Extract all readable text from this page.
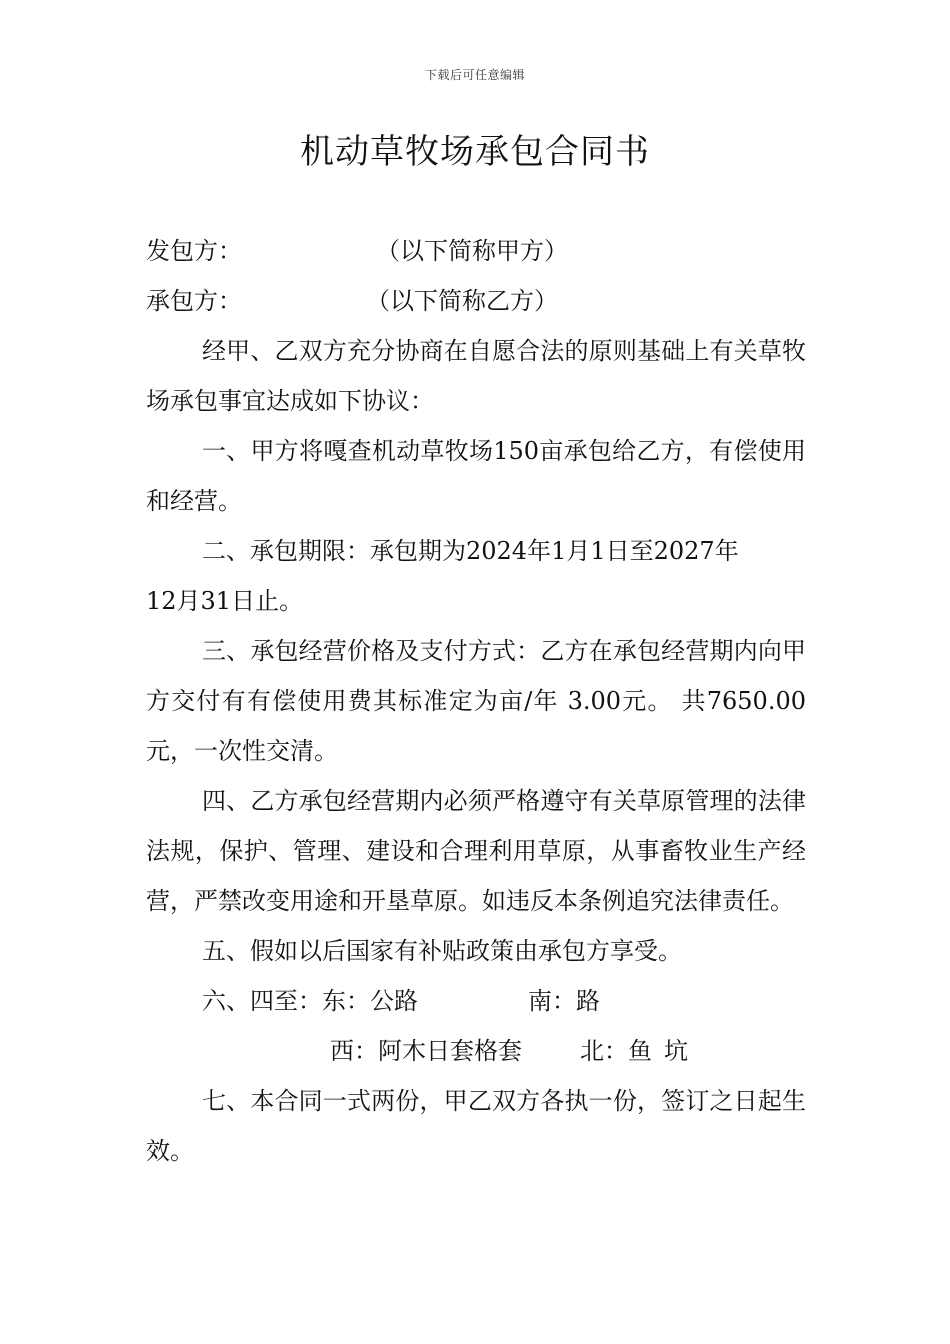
下载后可任意编辑
机动草牧场承包合同书
发包方：	（以下简称甲方）
承包方：	（以下简称乙方）
经甲、乙双方充分协商在自愿合法的原则基础上有关草牧场承包事宜达成如下协议：
一、甲方将嘎查机动草牧场150亩承包给乙方，有偿使用和经营。
二、承包期限：承包期为2024年1月1日至2027年
12月31日止。
三、承包经营价格及支付方式：乙方在承包经营期内向甲方交付有有偿使用费其标准定为亩/年 3.00元。 共7650.00元，一次性交清。
四、乙方承包经营期内必须严格遵守有关草原管理的法律法规，保护、管理、建设和合理利用草原，从事畜牧业生产经营，严禁改变用途和开垦草原。如违反本条例追究法律责任。
五、假如以后国家有补贴政策由承包方享受。
六、四至：东：公路	南：路
西：阿木日套格套 北：鱼 坑
七、本合同一式两份，甲乙双方各执一份，签订之日起生效。
